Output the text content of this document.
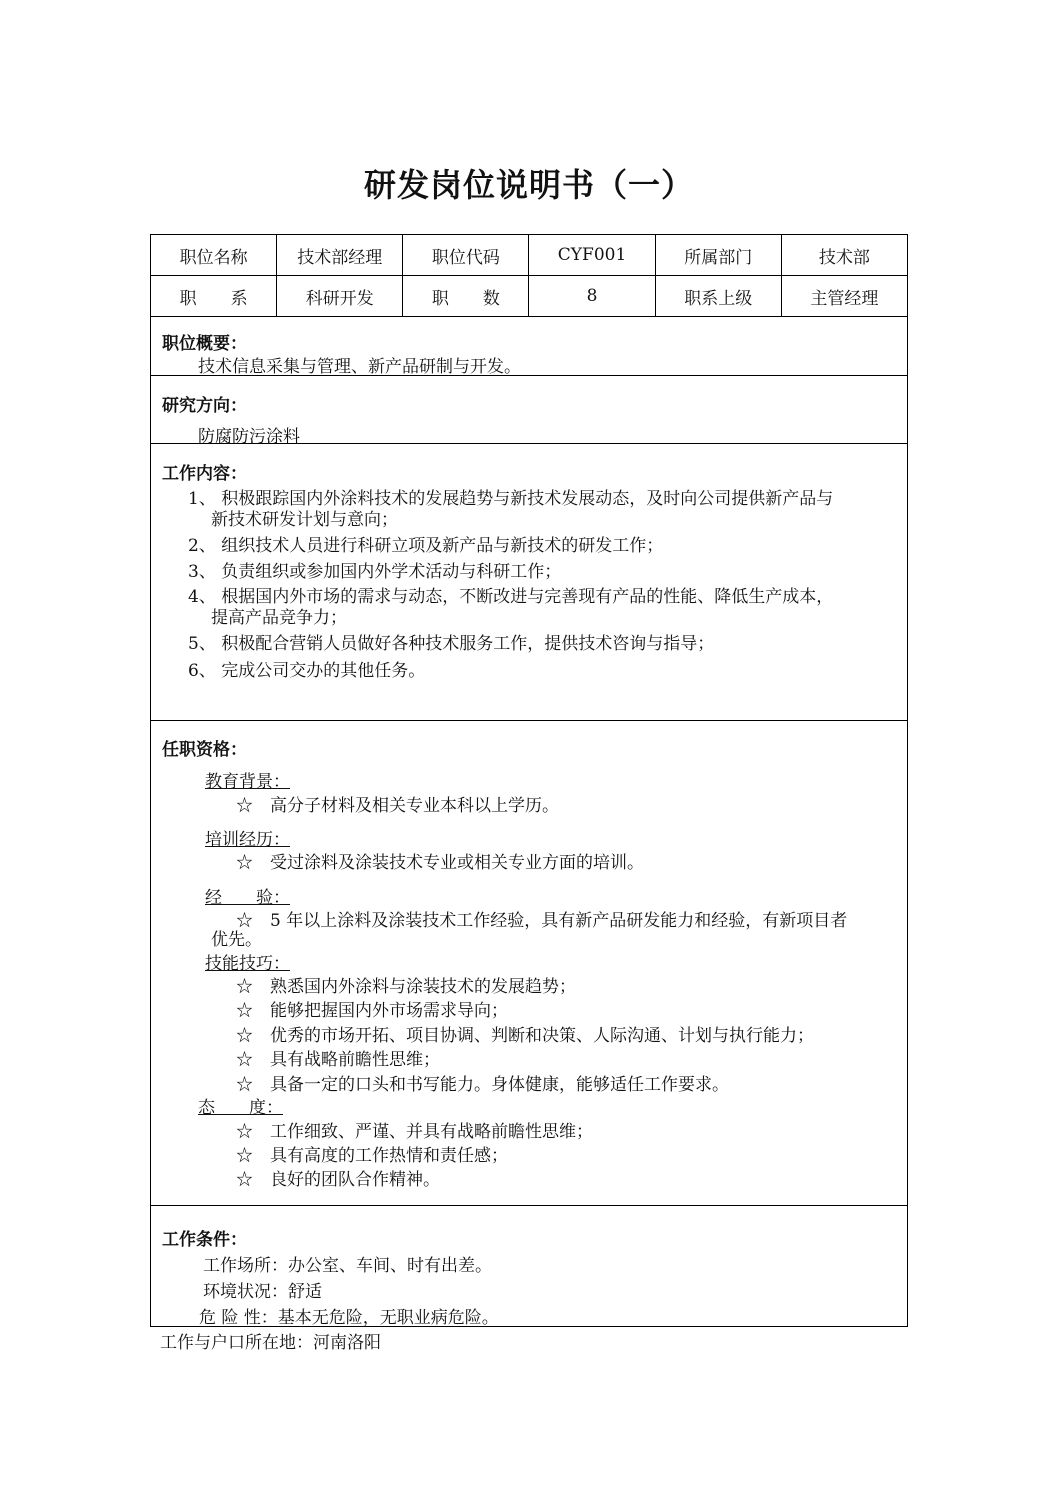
研发岗位说明书（一）
职位名称	技术部经理	职位代码	CYF001	所属部门	技术部
职　　系	科研开发	职　　数	8	职系上级	主管经理
职位概要：
技术信息采集与管理、新产品研制与开发。
研究方向：
防腐防污涂料
工作内容：
1、 积极跟踪国内外涂料技术的发展趋势与新技术发展动态，及时向公司提供新产品与
新技术研发计划与意向；
2、 组织技术人员进行科研立项及新产品与新技术的研发工作；
3、 负责组织或参加国内外学术活动与科研工作；
4、 根据国内外市场的需求与动态，不断改进与完善现有产品的性能、降低生产成本，
提高产品竞争力；
5、 积极配合营销人员做好各种技术服务工作，提供技术咨询与指导；
6、 完成公司交办的其他任务。
任职资格：
教育背景：
☆　高分子材料及相关专业本科以上学历。
培训经历：
☆　受过涂料及涂装技术专业或相关专业方面的培训。
经　　验：
☆　5 年以上涂料及涂装技术工作经验，具有新产品研发能力和经验，有新项目者
优先。
技能技巧：
☆　熟悉国内外涂料与涂装技术的发展趋势；
☆　能够把握国内外市场需求导向；
☆　优秀的市场开拓、项目协调、判断和决策、人际沟通、计划与执行能力；
☆　具有战略前瞻性思维；
☆　具备一定的口头和书写能力。身体健康，能够适任工作要求。
态　　度：
☆　工作细致、严谨、并具有战略前瞻性思维；
☆　具有高度的工作热情和责任感；
☆　良好的团队合作精神。
工作条件：
工作场所：办公室、车间、时有出差。
环境状况：舒适
危 险 性：基本无危险，无职业病危险。
工作与户口所在地：河南洛阳
